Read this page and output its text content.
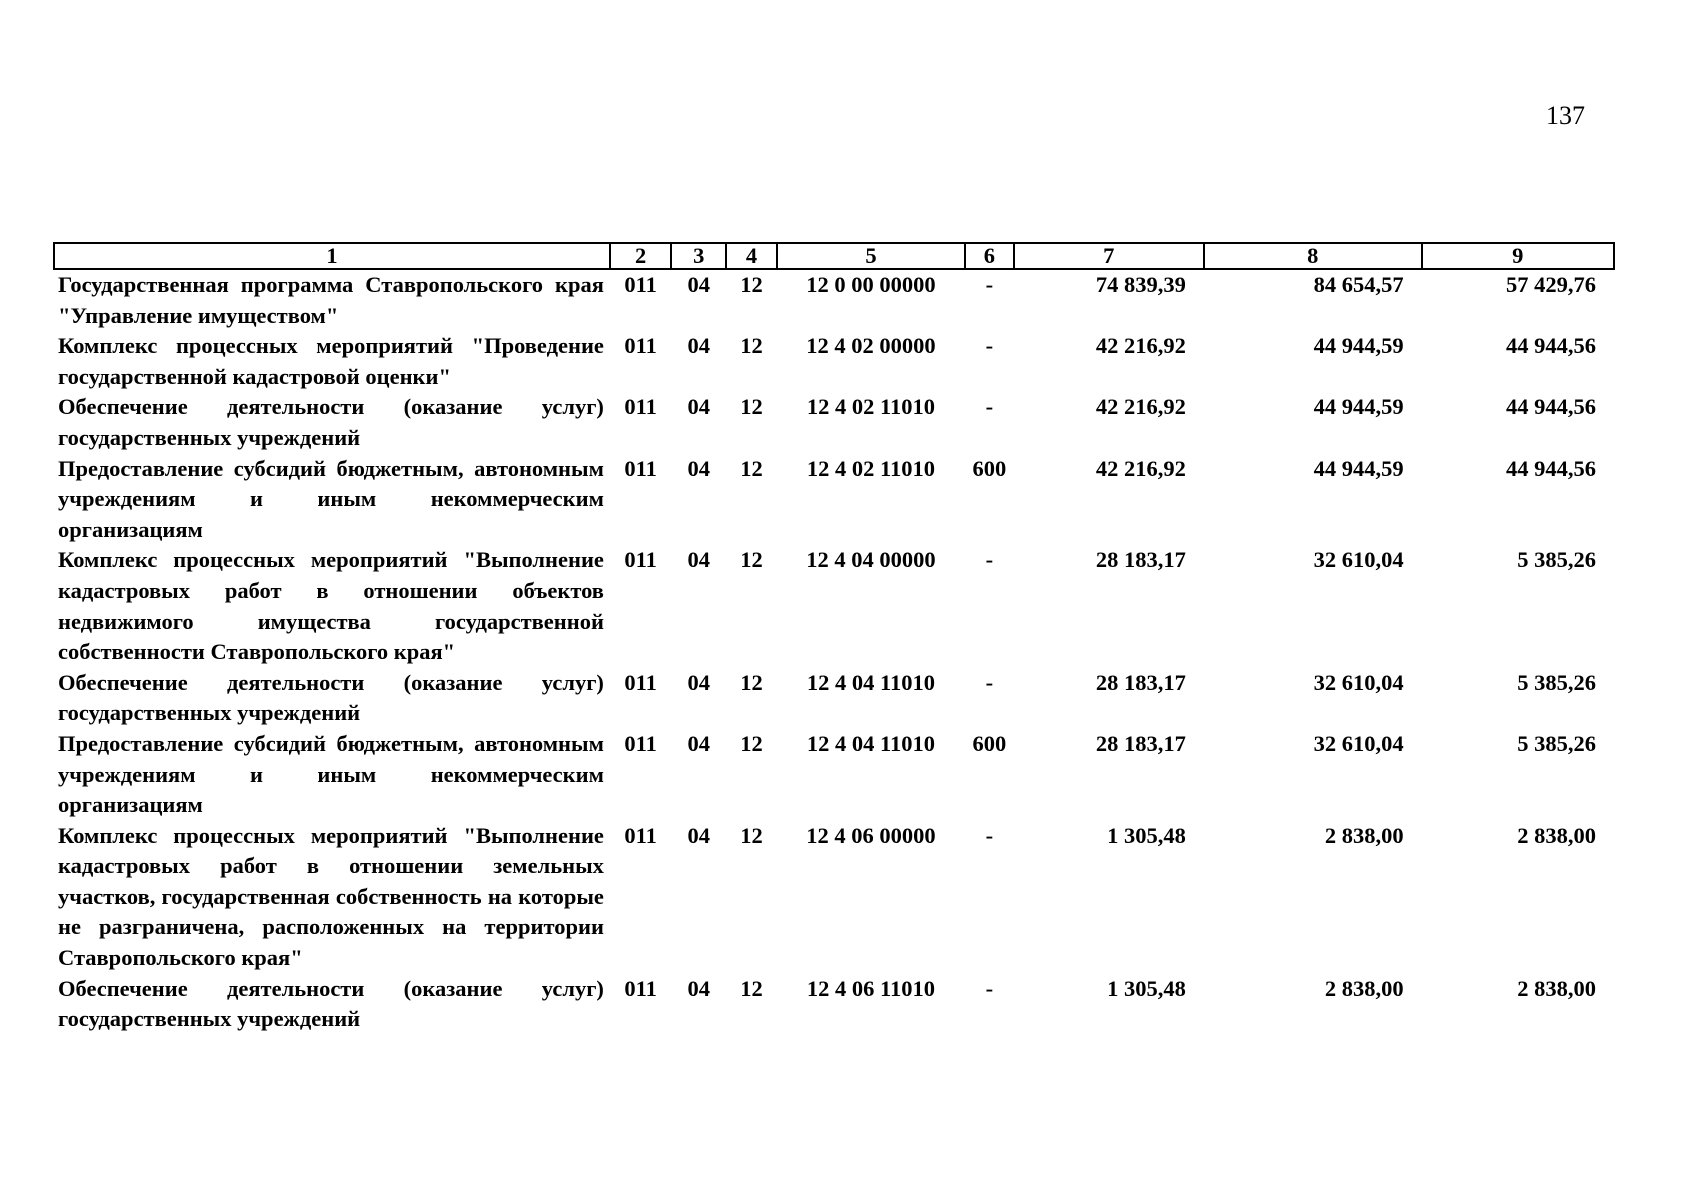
137
1	2	3	4	5	6	7	8	9
Государственная программа Ставропольского края "Управление имуществом"	011	04	12	12 0 00 00000	-	74 839,39	84 654,57	57 429,76
Комплекс процессных мероприятий "Проведение государственной кадастровой оценки"	011	04	12	12 4 02 00000	-	42 216,92	44 944,59	44 944,56
Обеспечение деятельности (оказание услуг) государственных учреждений	011	04	12	12 4 02 11010	-	42 216,92	44 944,59	44 944,56
Предоставление субсидий бюджетным, автономным учреждениям и иным некоммерческим организациям	011	04	12	12 4 02 11010	600	42 216,92	44 944,59	44 944,56
Комплекс процессных мероприятий "Выполнение кадастровых работ в отношении объектов недвижимого имущества государственной собственности Ставропольского края"	011	04	12	12 4 04 00000	-	28 183,17	32 610,04	5 385,26
Обеспечение деятельности (оказание услуг) государственных учреждений	011	04	12	12 4 04 11010	-	28 183,17	32 610,04	5 385,26
Предоставление субсидий бюджетным, автономным учреждениям и иным некоммерческим организациям	011	04	12	12 4 04 11010	600	28 183,17	32 610,04	5 385,26
Комплекс процессных мероприятий "Выполнение кадастровых работ в отношении земельных участков, государственная собственность на которые не разграничена, расположенных на территории Ставропольского края"	011	04	12	12 4 06 00000	-	1 305,48	2 838,00	2 838,00
Обеспечение деятельности (оказание услуг) государственных учреждений	011	04	12	12 4 06 11010	-	1 305,48	2 838,00	2 838,00
